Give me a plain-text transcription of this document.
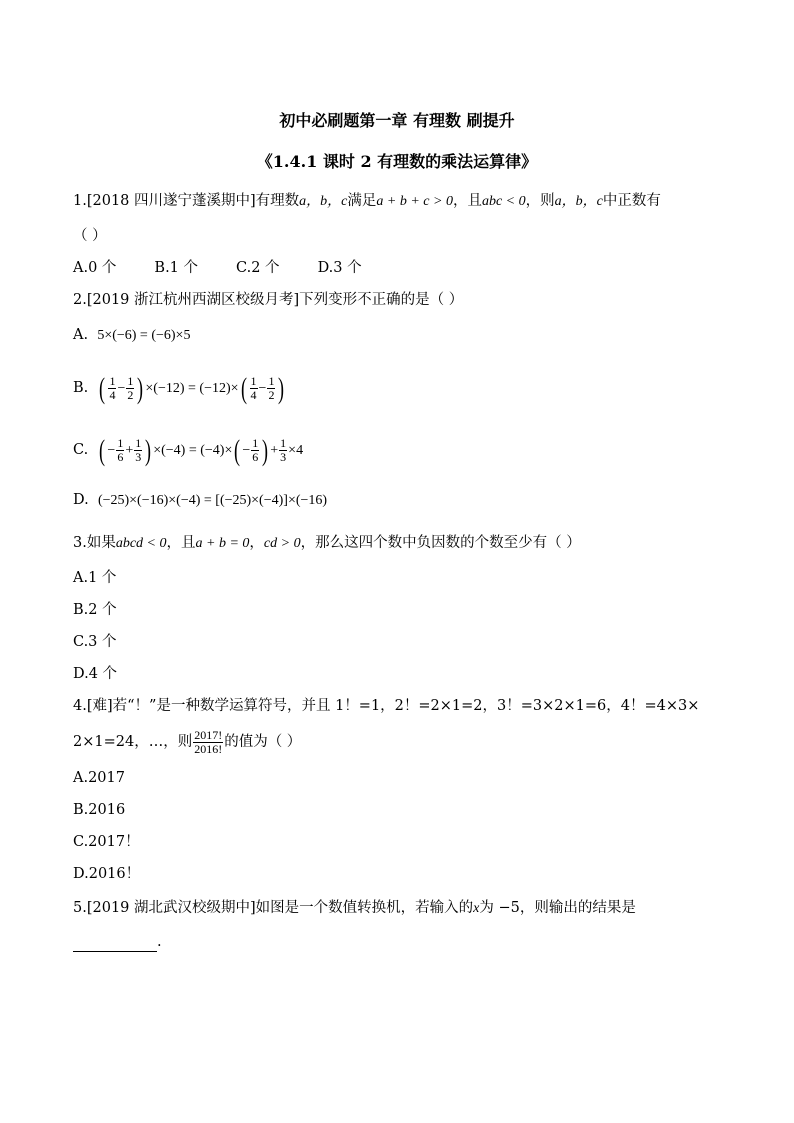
初中必刷题第一章 有理数 刷提升
《1.4.1 课时 2 有理数的乘法运算律》
1.[2018 四川遂宁蓬溪期中]有理数a，b，c满足a + b + c > 0，且abc < 0，则a，b，c中正数有
（ ）
A.0 个	B.1 个	C.2 个	D.3 个
2.[2019 浙江杭州西湖区校级月考]下列变形不正确的是（ ）
A. 5×(−6) = (−6)×5
B. ( $\frac{1}{4} - \frac{1}{2}$ ) $\times(-12) = (-12)\times( \frac{1}{4} - \frac{1}{2}$ )
C. ( − $\frac{1}{6} + \frac{1}{3}$ ) $\times(-4) = (-4)\times( - \frac{1}{6}$ ) + $\frac{1}{3} \times 4$
D. (−25)×(−16)×(−4) = [(−25)×(−4)]×(−16)
3.如果abcd < 0，且a + b = 0，cd > 0，那么这四个数中负因数的个数至少有（ ）
A.1 个
B.2 个
C.3 个
D.4 个
4.[难]若“！”是一种数学运算符号，并且 1！=1，2！=2×1=2，3！=3×2×1=6，4！=4×3×
2×1=24，…，则 $\frac{2017!}{2016!}$ 的值为（ ）
A.2017
B.2016
C.2017！
D.2016！
5.[2019 湖北武汉校级期中]如图是一个数值转换机，若输入的x为 −5，则输出的结果是
.
